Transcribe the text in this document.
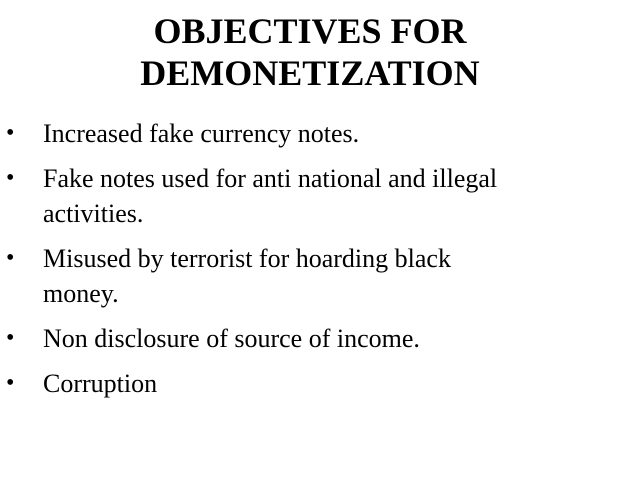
OBJECTIVES FOR
DEMONETIZATION
• Increased fake currency notes.
• Fake notes used for anti national and illegal
activities.
• Misused by terrorist for hoarding black
money.
• Non disclosure of source of income.
• Corruption
